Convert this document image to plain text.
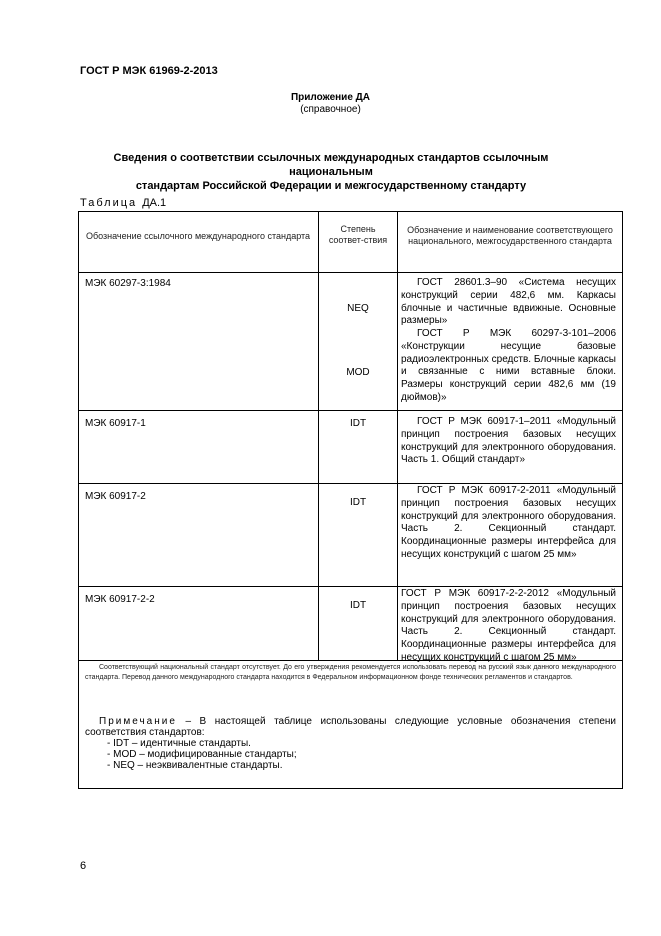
ГОСТ Р МЭК 61969-2-2013
Приложение ДА
(справочное)
Сведения о соответствии ссылочных международных стандартов ссылочным национальным
стандартам Российской Федерации и межгосударственному стандарту
Таблица ДА.1
Обозначение ссылочного международного стандарта
Степень соответ-ствия
Обозначение и наименование соответствующего национального, межгосударственного стандарта
МЭК 60297-3:1984
NEQ
MOD
ГОСТ 28601.3–90 «Система несущих конструкций серии 482,6 мм. Каркасы блочные и частичные вдвижные. Основные размеры»
ГОСТ Р МЭК 60297-3-101–2006 «Конструкции несущие базовые радиоэлектронных средств. Блочные каркасы и связанные с ними вставные блоки. Размеры конструкций серии 482,6 мм (19 дюймов)»
МЭК 60917-1	IDT	ГОСТ Р МЭК 60917-1–2011 «Модульный принцип построения базовых несущих конструкций для электронного оборудования. Часть 1. Общий стандарт»
МЭК 60917-2
IDT
ГОСТ Р МЭК 60917-2-2011 «Модульный принцип построения базовых несущих конструкций для электронного оборудования. Часть 2. Секционный стандарт. Координационные размеры интерфейса для несущих конструкций с шагом 25 мм»
МЭК 60917-2-2
IDT
ГОСТ Р МЭК 60917-2-2-2012 «Модульный принцип построения базовых несущих конструкций для электронного оборудования. Часть 2. Секционный стандарт. Координационные размеры интерфейса для несущих конструкций с шагом 25 мм»
Соответствующий национальный стандарт отсутствует. До его утверждения рекомендуется использовать перевод на русский язык данного международного стандарта. Перевод данного международного стандарта находится в Федеральном информационном фонде технических регламентов и стандартов.
Примечание – В настоящей таблице использованы следующие условные обозначения степени соответствия стандартов:
- IDT – идентичные стандарты.
- MOD – модифицированные стандарты;
- NEQ – неэквивалентные стандарты.
6
